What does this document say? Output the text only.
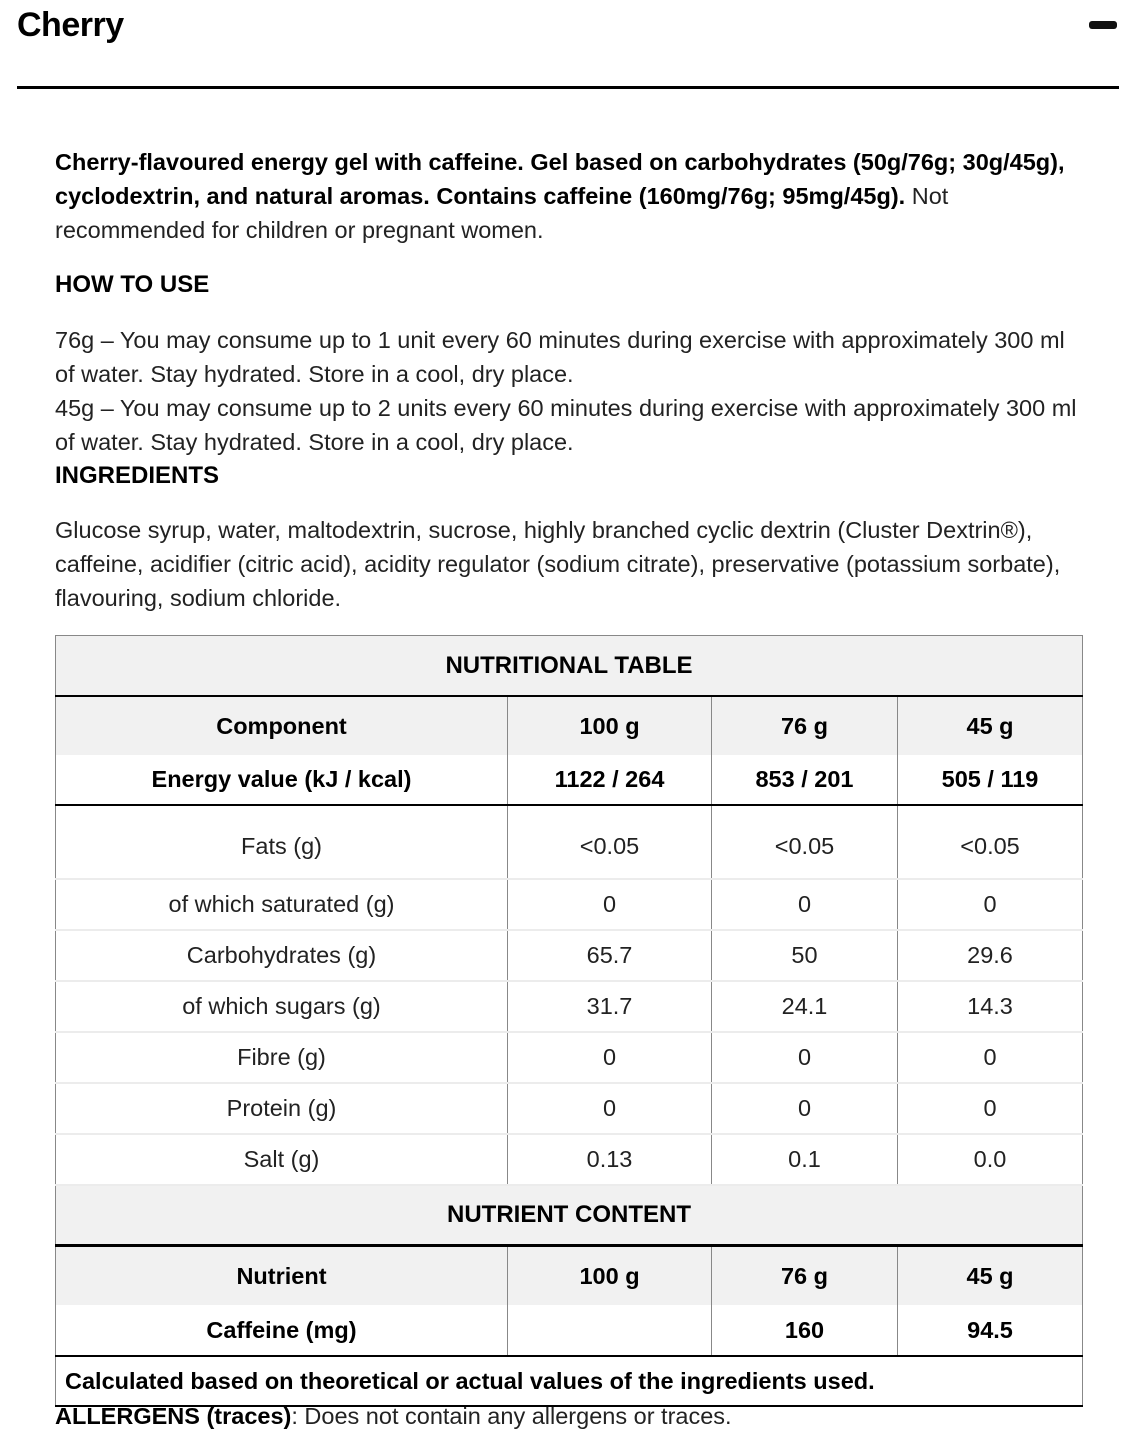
Cherry

Cherry-flavoured energy gel with caffeine. Gel based on carbohydrates (50g/76g; 30g/45g), cyclodextrin, and natural aromas. Contains caffeine (160mg/76g; 95mg/45g). Not recommended for children or pregnant women.

HOW TO USE

76g – You may consume up to 1 unit every 60 minutes during exercise with approximately 300 ml of water. Stay hydrated. Store in a cool, dry place.

45g – You may consume up to 2 units every 60 minutes during exercise with approximately 300 ml of water. Stay hydrated. Store in a cool, dry place.

INGREDIENTS

Glucose syrup, water, maltodextrin, sucrose, highly branched cyclic dextrin (Cluster Dextrin®), caffeine, acidifier (citric acid), acidity regulator (sodium citrate), preservative (potassium sorbate), flavouring, sodium chloride.

NUTRITIONAL TABLE			
Component	100 g	76 g	45 g
Energy value (kJ / kcal)	1122 / 264	853 / 201	505 / 119
Fats (g)	<0.05	<0.05	<0.05
of which saturated (g)	0	0	0
Carbohydrates (g)	65.7	50	29.6
of which sugars (g)	31.7	24.1	14.3
Fibre (g)	0	0	0
Protein (g)	0	0	0
Salt (g)	0.13	0.1	0.0
NUTRIENT CONTENT			
Nutrient	100 g	76 g	45 g
Caffeine (mg)		160	94.5
Calculated based on theoretical or actual values of the ingredients used.			
ALLERGENS (traces): Does not contain any allergens or traces.
